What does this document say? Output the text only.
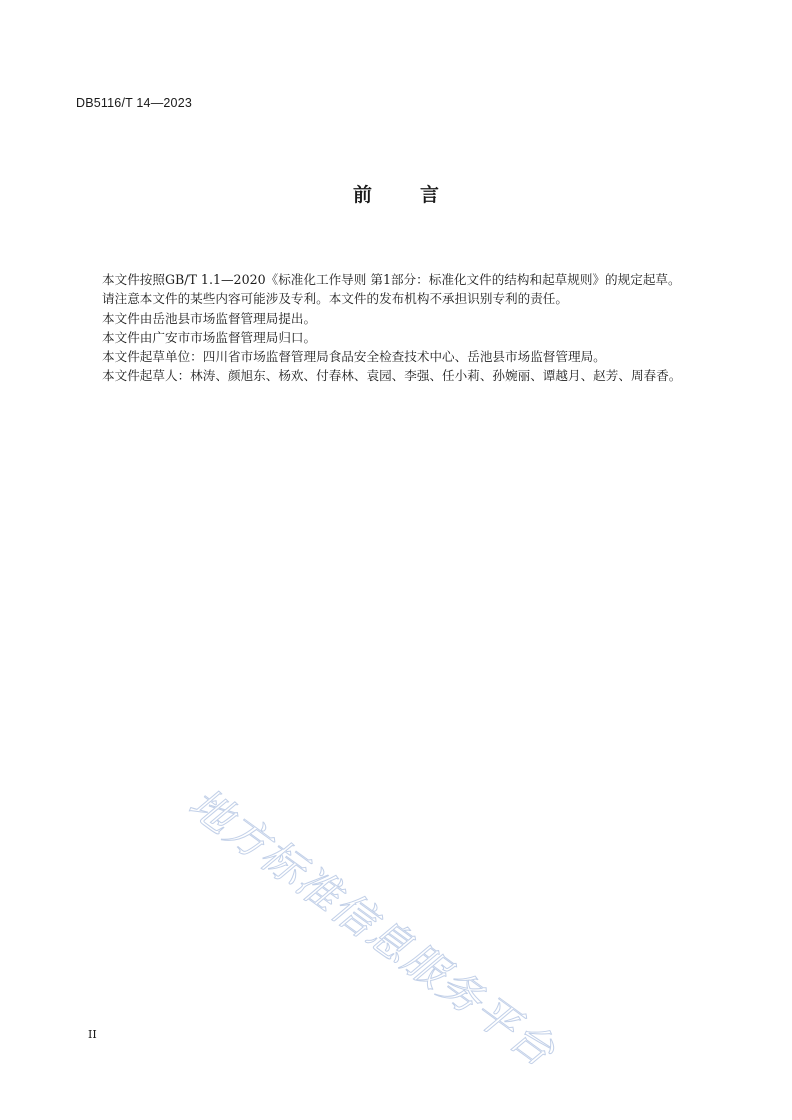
DB5116/T 14—2023
前	言

本文件按照GB/T 1.1—2020《标准化工作导则 第1部分：标准化文件的结构和起草规则》的规定起草。

请注意本文件的某些内容可能涉及专利。本文件的发布机构不承担识别专利的责任。

本文件由岳池县市场监督管理局提出。

本文件由广安市市场监督管理局归口。

本文件起草单位：四川省市场监督管理局食品安全检查技术中心、岳池县市场监督管理局。

本文件起草人：林涛、颜旭东、杨欢、付春林、袁园、李强、任小莉、孙婉丽、谭越月、赵芳、周春香。

地方标准信息服务平台
II
